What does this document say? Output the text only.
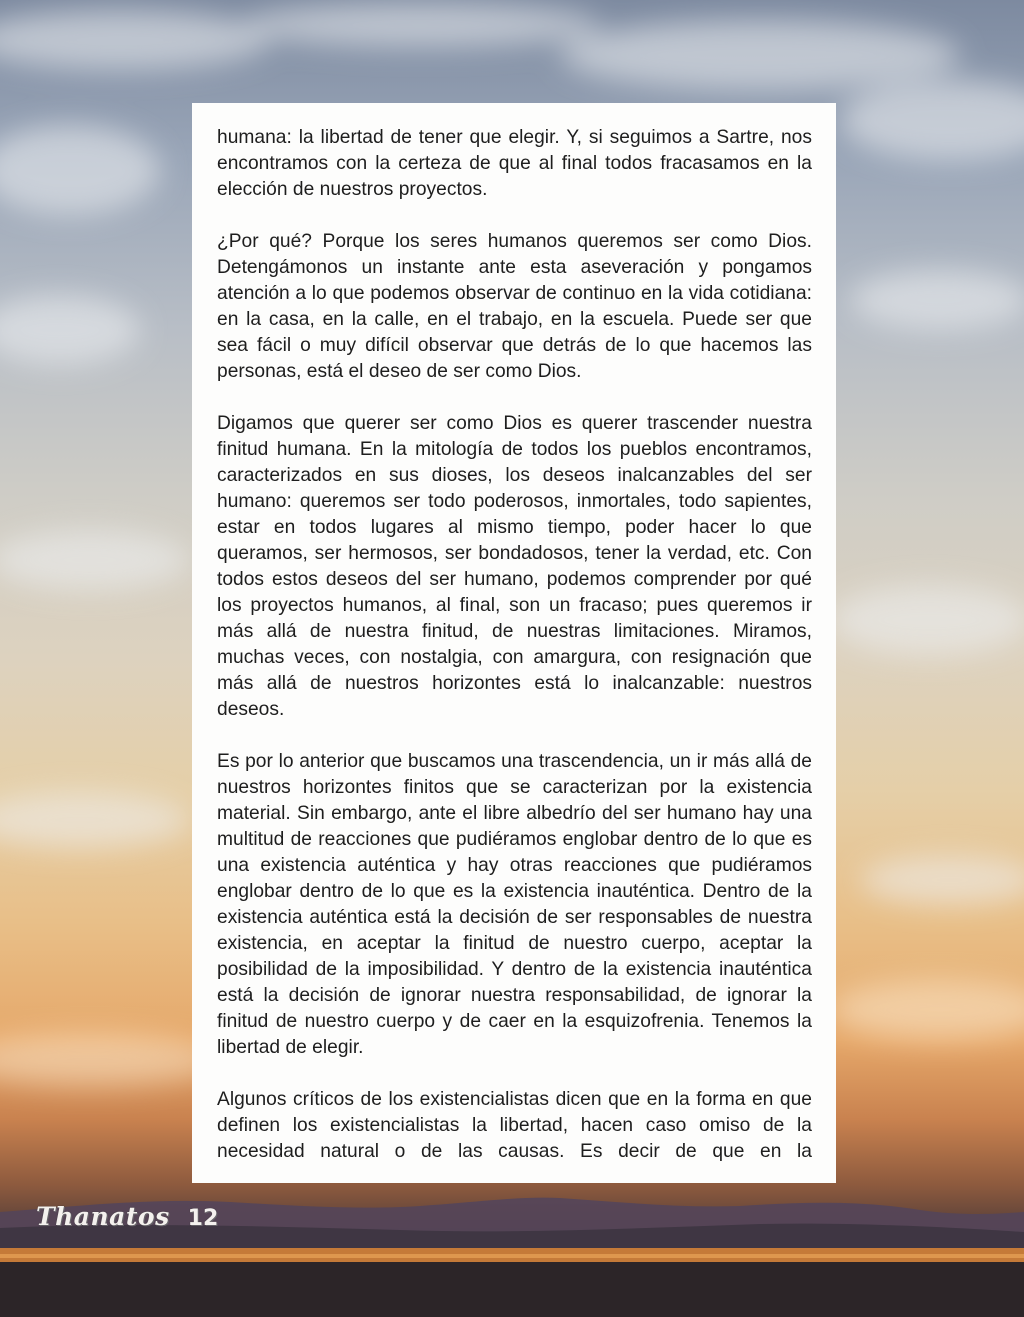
humana: la libertad de tener que elegir. Y, si seguimos a Sartre, nos encontramos con la certeza de que al final todos fracasamos en la elección de nuestros proyectos.

¿Por qué? Porque los seres humanos queremos ser como Dios. Detengámonos un instante ante esta aseveración y pongamos atención a lo que podemos observar de continuo en la vida cotidiana: en la casa, en la calle, en el trabajo, en la escuela. Puede ser que sea fácil o muy difícil observar que detrás de lo que hacemos las personas, está el deseo de ser como Dios.

Digamos que querer ser como Dios es querer trascender nuestra finitud humana. En la mitología de todos los pueblos encontramos, caracterizados en sus dioses, los deseos inalcanzables del ser humano: queremos ser todo poderosos, inmortales, todo sapientes, estar en todos lugares al mismo tiempo, poder hacer lo que queramos, ser hermosos, ser bondadosos, tener la verdad, etc. Con todos estos deseos del ser humano, podemos comprender por qué los proyectos humanos, al final, son un fracaso; pues queremos ir más allá de nuestra finitud, de nuestras limitaciones. Miramos, muchas veces, con nostalgia, con amargura, con resignación que más allá de nuestros horizontes está lo inalcanzable: nuestros deseos.

Es por lo anterior que buscamos una trascendencia, un ir más allá de nuestros horizontes finitos que se caracterizan por la existencia material. Sin embargo, ante el libre albedrío del ser humano hay una multitud de reacciones que pudiéramos englobar dentro de lo que es una existencia auténtica y hay otras reacciones que pudiéramos englobar dentro de lo que es la existencia inauténtica. Dentro de la existencia auténtica está la decisión de ser responsables de nuestra existencia, en aceptar la finitud de nuestro cuerpo, aceptar la posibilidad de la imposibilidad. Y dentro de la existencia inauténtica está la decisión de ignorar nuestra responsabilidad, de ignorar la finitud de nuestro cuerpo y de caer en la esquizofrenia. Tenemos la libertad de elegir.

Algunos críticos de los existencialistas dicen que en la forma en que definen los existencialistas la libertad, hacen caso omiso de la necesidad natural o de las causas. Es decir de que en la

Thanatos 12
